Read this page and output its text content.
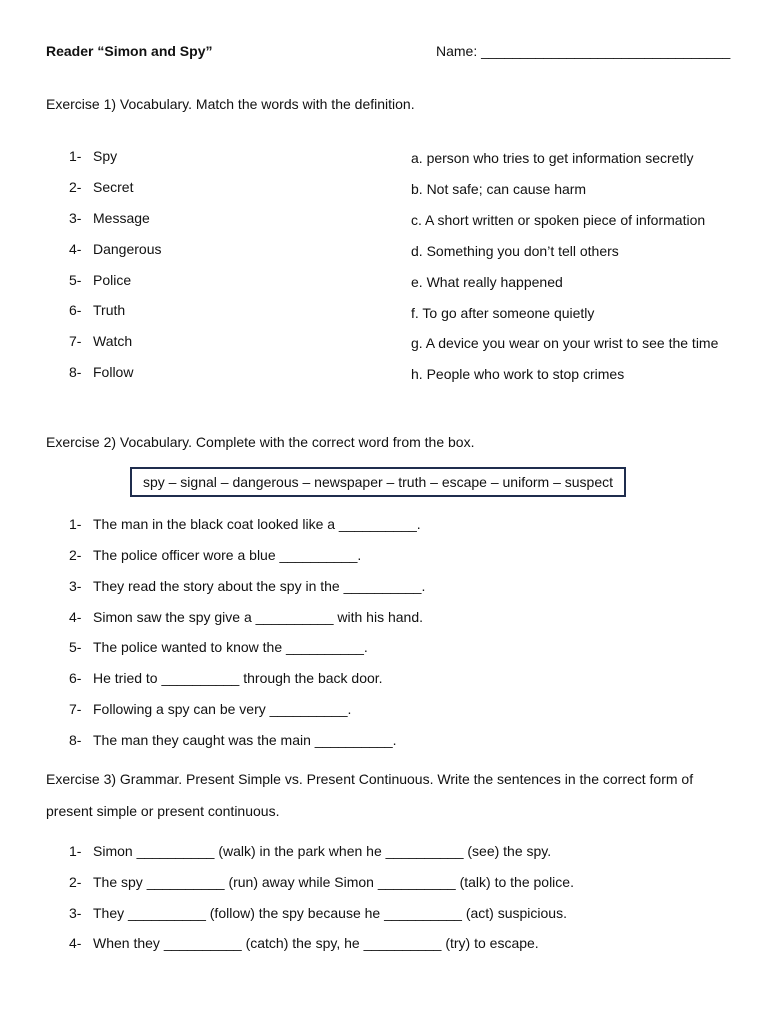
Reader “Simon and Spy”	Name: ________________________________
Exercise 1) Vocabulary. Match the words with the definition.
1- Spy
2- Secret
3- Message
4- Dangerous
5- Police
6- Truth
7- Watch
8- Follow
a. person who tries to get information secretly
b. Not safe; can cause harm
c. A short written or spoken piece of information
d. Something you don’t tell others
e. What really happened
f. To go after someone quietly
g. A device you wear on your wrist to see the time
h. People who work to stop crimes
Exercise 2) Vocabulary. Complete with the correct word from the box.
spy – signal – dangerous – newspaper – truth – escape – uniform – suspect
1- The man in the black coat looked like a __________.
2- The police officer wore a blue __________.
3- They read the story about the spy in the __________.
4- Simon saw the spy give a __________ with his hand.
5- The police wanted to know the __________.
6- He tried to __________ through the back door.
7- Following a spy can be very __________.
8- The man they caught was the main __________.
Exercise 3) Grammar. Present Simple vs. Present Continuous. Write the sentences in the correct form of
present simple or present continuous.
1- Simon __________ (walk) in the park when he __________ (see) the spy.
2- The spy __________ (run) away while Simon __________ (talk) to the police.
3- They __________ (follow) the spy because he __________ (act) suspicious.
4- When they __________ (catch) the spy, he __________ (try) to escape.
